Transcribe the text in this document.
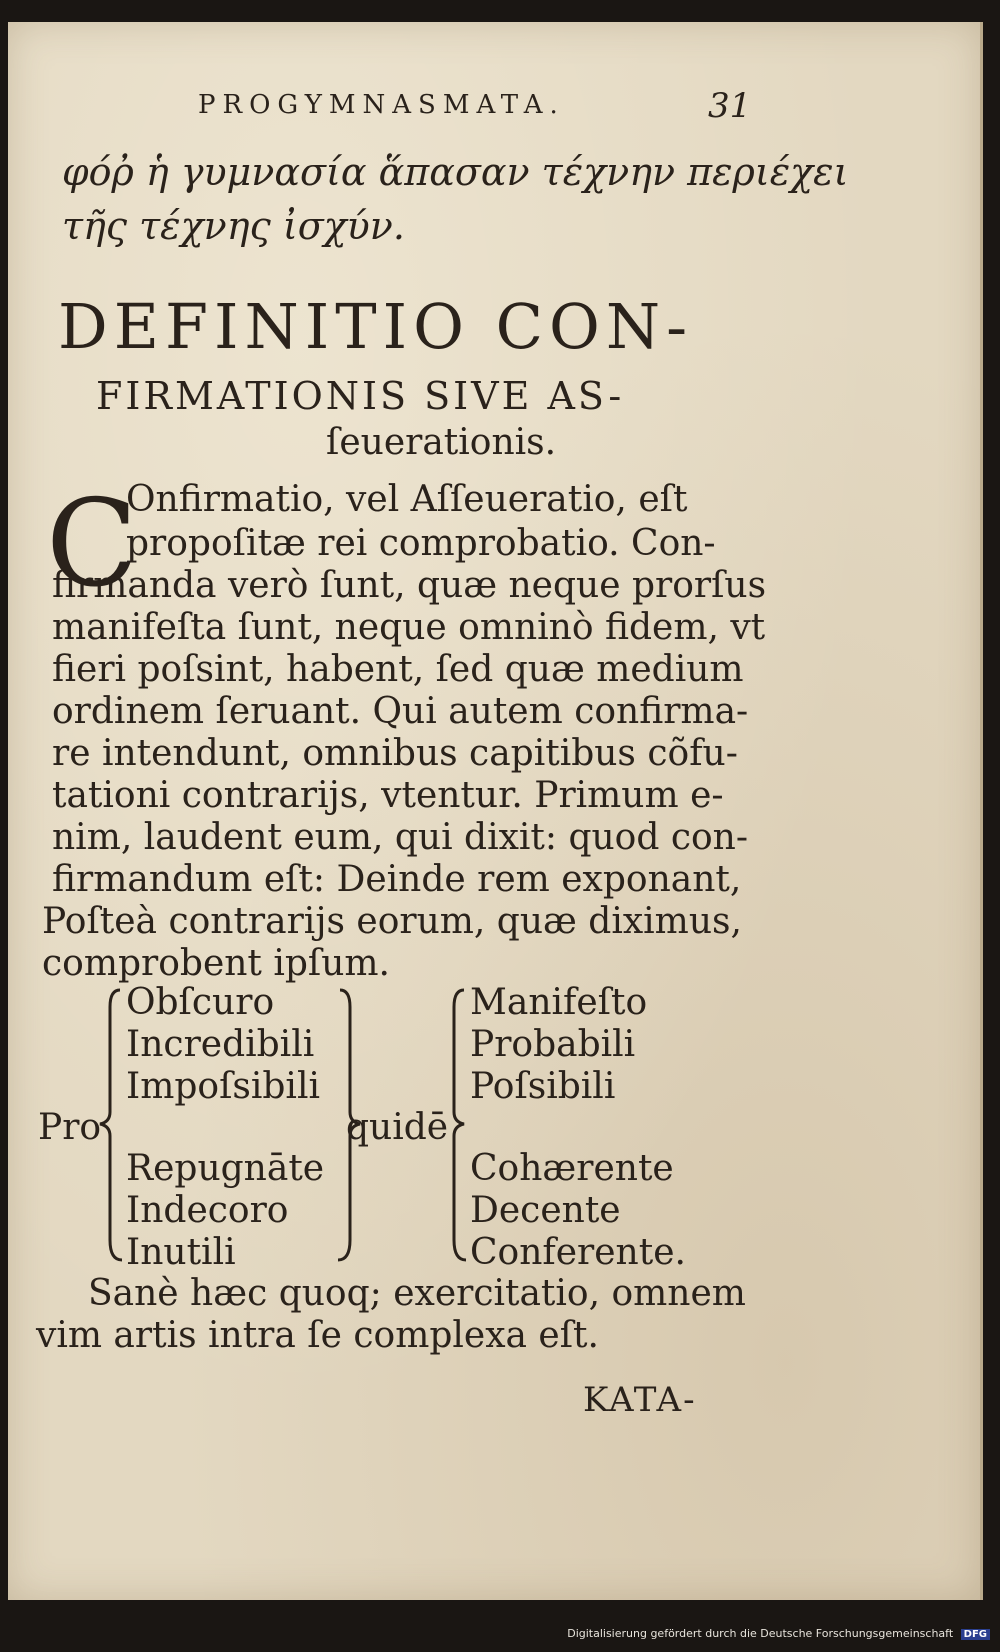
PROGYMNASMATA.	31
φόῤ ἡ γυμνασία ἅπασαν τέχνην περιέχει
τῆς τέχνης ἰσχύν.
DEFINITIO CON-
FIRMATIONIS SIVE AS-
ſeuerationis.
C
Onfirmatio, vel Aſſeueratio, eſt
propoſitæ rei comprobatio. Con-
firmanda verò ſunt, quæ neque prorſus
manifeſta ſunt, neque omninò fidem, vt
fieri poſsint, habent, ſed quæ medium
ordinem ſeruant. Qui autem confirma-
re intendunt, omnibus capitibus cõfu-
tationi contrarijs, vtentur. Primum e-
nim, laudent eum, qui dixit: quod con-
firmandum eſt: Deinde rem exponant,
Poſteà contrarijs eorum, quæ diximus,
comprobent ipſum.
Obſcuro
Incredibili
Impoſsibili
Repugnāte
Indecoro
Inutili
Manifeſto
Probabili
Poſsibili
Cohærente
Decente
Conferente.
Pro	quidē
Sanè hæc quoq; exercitatio, omnem
vim artis intra ſe complexa eſt.
KATA-
Digitalisierung gefördert durch die Deutsche Forschungsgemeinschaft DFG
